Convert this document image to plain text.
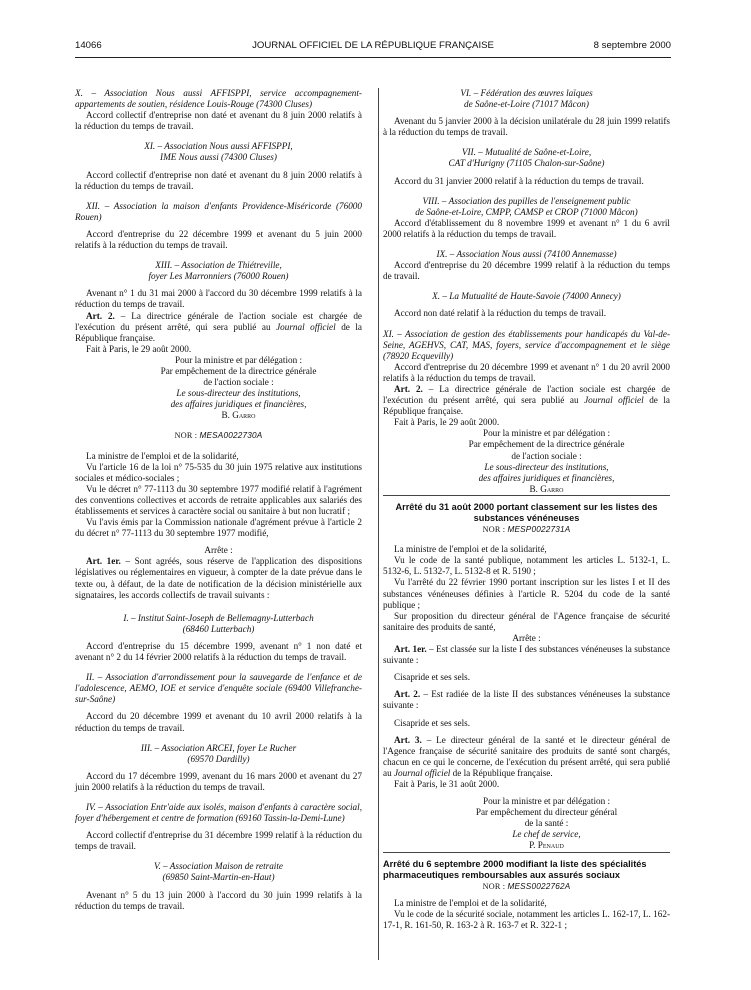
14066	JOURNAL OFFICIEL DE LA RÉPUBLIQUE FRANÇAISE	8 septembre 2000

X. – Association Nous aussi AFFISPPI, service accompagnement-appartements de soutien, résidence Louis-Rouge (74300 Cluses)

Accord collectif d'entreprise non daté et avenant du 8 juin 2000 relatifs à la réduction du temps de travail.

XI. – Association Nous aussi AFFISPPI,

IME Nous aussi (74300 Cluses)

Accord collectif d'entreprise non daté et avenant du 8 juin 2000 relatifs à la réduction du temps de travail.

XII. – Association la maison d'enfants Providence-Miséricorde (76000 Rouen)

Accord d'entreprise du 22 décembre 1999 et avenant du 5 juin 2000 relatifs à la réduction du temps de travail.

XIII. – Association de Thiétreville,

foyer Les Marronniers (76000 Rouen)

Avenant n° 1 du 31 mai 2000 à l'accord du 30 décembre 1999 relatifs à la réduction du temps de travail.

Art. 2. – La directrice générale de l'action sociale est chargée de l'exécution du présent arrêté, qui sera publié au Journal officiel de la République française.

Fait à Paris, le 29 août 2000.

Pour la ministre et par délégation :

Par empêchement de la directrice générale

de l'action sociale :

Le sous-directeur des institutions,

des affaires juridiques et financières,

B. Garro

NOR : MESA0022730A

La ministre de l'emploi et de la solidarité,

Vu l'article 16 de la loi n° 75-535 du 30 juin 1975 relative aux institutions sociales et médico-sociales ;

Vu le décret n° 77-1113 du 30 septembre 1977 modifié relatif à l'agrément des conventions collectives et accords de retraite applicables aux salariés des établissements et services à caractère social ou sanitaire à but non lucratif ;

Vu l'avis émis par la Commission nationale d'agrément prévue à l'article 2 du décret n° 77-1113 du 30 septembre 1977 modifié,

Arrête :

Art. 1er. – Sont agréés, sous réserve de l'application des dispositions législatives ou réglementaires en vigueur, à compter de la date prévue dans le texte ou, à défaut, de la date de notification de la décision ministérielle aux signataires, les accords collectifs de travail suivants :

I. – Institut Saint-Joseph de Bellemagny-Lutterbach

(68460 Lutterbach)

Accord d'entreprise du 15 décembre 1999, avenant n° 1 non daté et avenant n° 2 du 14 février 2000 relatifs à la réduction du temps de travail.

II. – Association d'arrondissement pour la sauvegarde de l'enfance et de l'adolescence, AEMO, IOE et service d'enquête sociale (69400 Villefranche-sur-Saône)

Accord du 20 décembre 1999 et avenant du 10 avril 2000 relatifs à la réduction du temps de travail.

III. – Association ARCEI, foyer Le Rucher

(69570 Dardilly)

Accord du 17 décembre 1999, avenant du 16 mars 2000 et avenant du 27 juin 2000 relatifs à la réduction du temps de travail.

IV. – Association Entr'aide aux isolés, maison d'enfants à caractère social, foyer d'hébergement et centre de formation (69160 Tassin-la-Demi-Lune)

Accord collectif d'entreprise du 31 décembre 1999 relatif à la réduction du temps de travail.

V. – Association Maison de retraite

(69850 Saint-Martin-en-Haut)

Avenant n° 5 du 13 juin 2000 à l'accord du 30 juin 1999 relatifs à la réduction du temps de travail.

VI. – Fédération des œuvres laïques

de Saône-et-Loire (71017 Mâcon)

Avenant du 5 janvier 2000 à la décision unilatérale du 28 juin 1999 relatifs à la réduction du temps de travail.

VII. – Mutualité de Saône-et-Loire,

CAT d'Hurigny (71105 Chalon-sur-Saône)

Accord du 31 janvier 2000 relatif à la réduction du temps de travail.

VIII. – Association des pupilles de l'enseignement public

de Saône-et-Loire, CMPP, CAMSP et CROP (71000 Mâcon)

Accord d'établissement du 8 novembre 1999 et avenant n° 1 du 6 avril 2000 relatifs à la réduction du temps de travail.

IX. – Association Nous aussi (74100 Annemasse)

Accord d'entreprise du 20 décembre 1999 relatif à la réduction du temps de travail.

X. – La Mutualité de Haute-Savoie (74000 Annecy)

Accord non daté relatif à la réduction du temps de travail.

XI. – Association de gestion des établissements pour handicapés du Val-de-Seine, AGEHVS, CAT, MAS, foyers, service d'accompagnement et le siège (78920 Ecquevilly)

Accord d'entreprise du 20 décembre 1999 et avenant n° 1 du 20 avril 2000 relatifs à la réduction du temps de travail.

Art. 2. – La directrice générale de l'action sociale est chargée de l'exécution du présent arrêté, qui sera publié au Journal officiel de la République française.

Fait à Paris, le 29 août 2000.

Pour la ministre et par délégation :

Par empêchement de la directrice générale

de l'action sociale :

Le sous-directeur des institutions,

des affaires juridiques et financières,

B. Garro

Arrêté du 31 août 2000 portant classement sur les listes des substances vénéneuses

NOR : MESP0022731A

La ministre de l'emploi et de la solidarité,

Vu le code de la santé publique, notamment les articles L. 5132-1, L. 5132-6, L. 5132-7, L. 5132-8 et R. 5190 ;

Vu l'arrêté du 22 février 1990 portant inscription sur les listes I et II des substances vénéneuses définies à l'article R. 5204 du code de la santé publique ;

Sur proposition du directeur général de l'Agence française de sécurité sanitaire des produits de santé,

Arrête :

Art. 1er. – Est classée sur la liste I des substances vénéneuses la substance suivante :

Cisapride et ses sels.

Art. 2. – Est radiée de la liste II des substances vénéneuses la substance suivante :

Cisapride et ses sels.

Art. 3. – Le directeur général de la santé et le directeur général de l'Agence française de sécurité sanitaire des produits de santé sont chargés, chacun en ce qui le concerne, de l'exécution du présent arrêté, qui sera publié au Journal officiel de la République française.

Fait à Paris, le 31 août 2000.

Pour la ministre et par délégation :

Par empêchement du directeur général

de la santé :

Le chef de service,

P. Penaud

Arrêté du 6 septembre 2000 modifiant la liste des spécialités pharmaceutiques remboursables aux assurés sociaux

NOR : MESS0022762A

La ministre de l'emploi et de la solidarité,

Vu le code de la sécurité sociale, notamment les articles L. 162-17, L. 162-17-1, R. 161-50, R. 163-2 à R. 163-7 et R. 322-1 ;
